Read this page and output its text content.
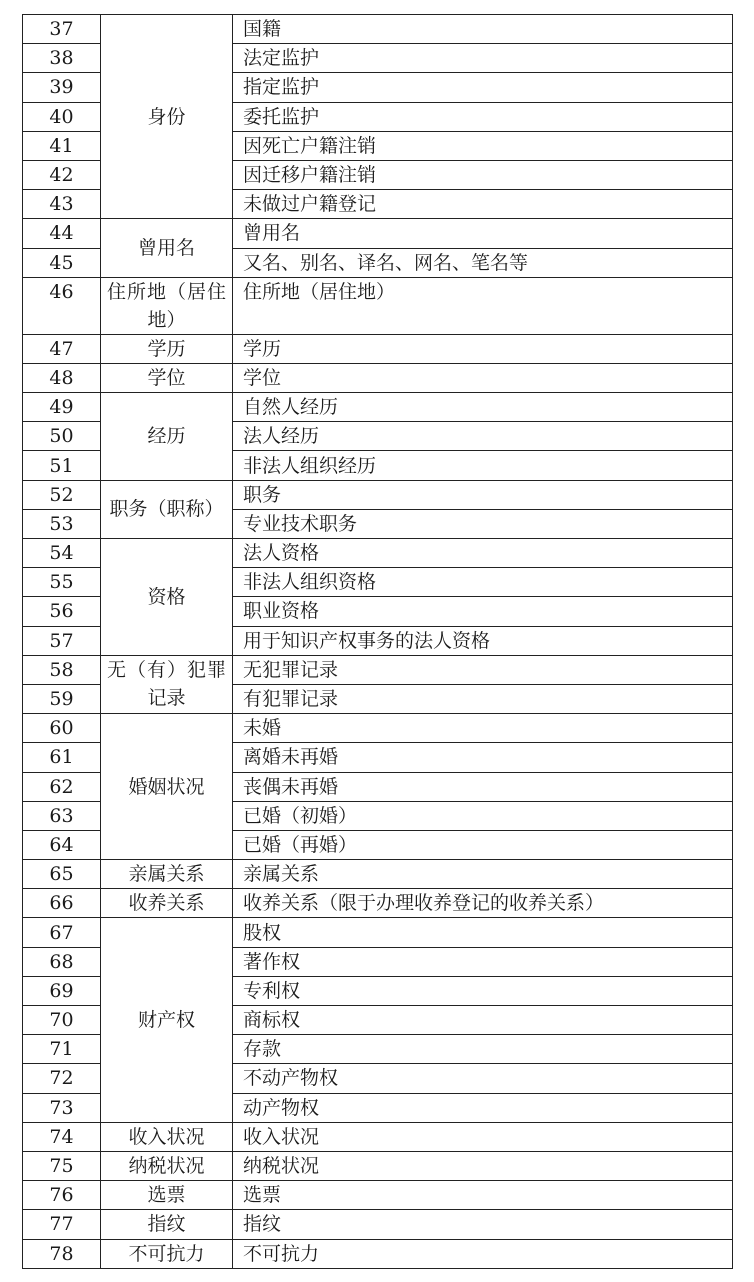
37	身份	国籍
38		法定监护
39		指定监护
40		委托监护
41		因死亡户籍注销
42		因迁移户籍注销
43		未做过户籍登记
44	曾用名	曾用名
45		又名、别名、译名、网名、笔名等
46	住所地（居住地）	住所地（居住地）
47	学历	学历
48	学位	学位
49	经历	自然人经历
50		法人经历
51		非法人组织经历
52	职务（职称）	职务
53		专业技术职务
54	资格	法人资格
55		非法人组织资格
56		职业资格
57		用于知识产权事务的法人资格
58	无（有）犯罪记录	无犯罪记录
59		有犯罪记录
60	婚姻状况	未婚
61		离婚未再婚
62		丧偶未再婚
63		已婚（初婚）
64		已婚（再婚）
65	亲属关系	亲属关系
66	收养关系	收养关系（限于办理收养登记的收养关系）
67	财产权	股权
68		著作权
69		专利权
70		商标权
71		存款
72		不动产物权
73		动产物权
74	收入状况	收入状况
75	纳税状况	纳税状况
76	选票	选票
77	指纹	指纹
78	不可抗力	不可抗力
